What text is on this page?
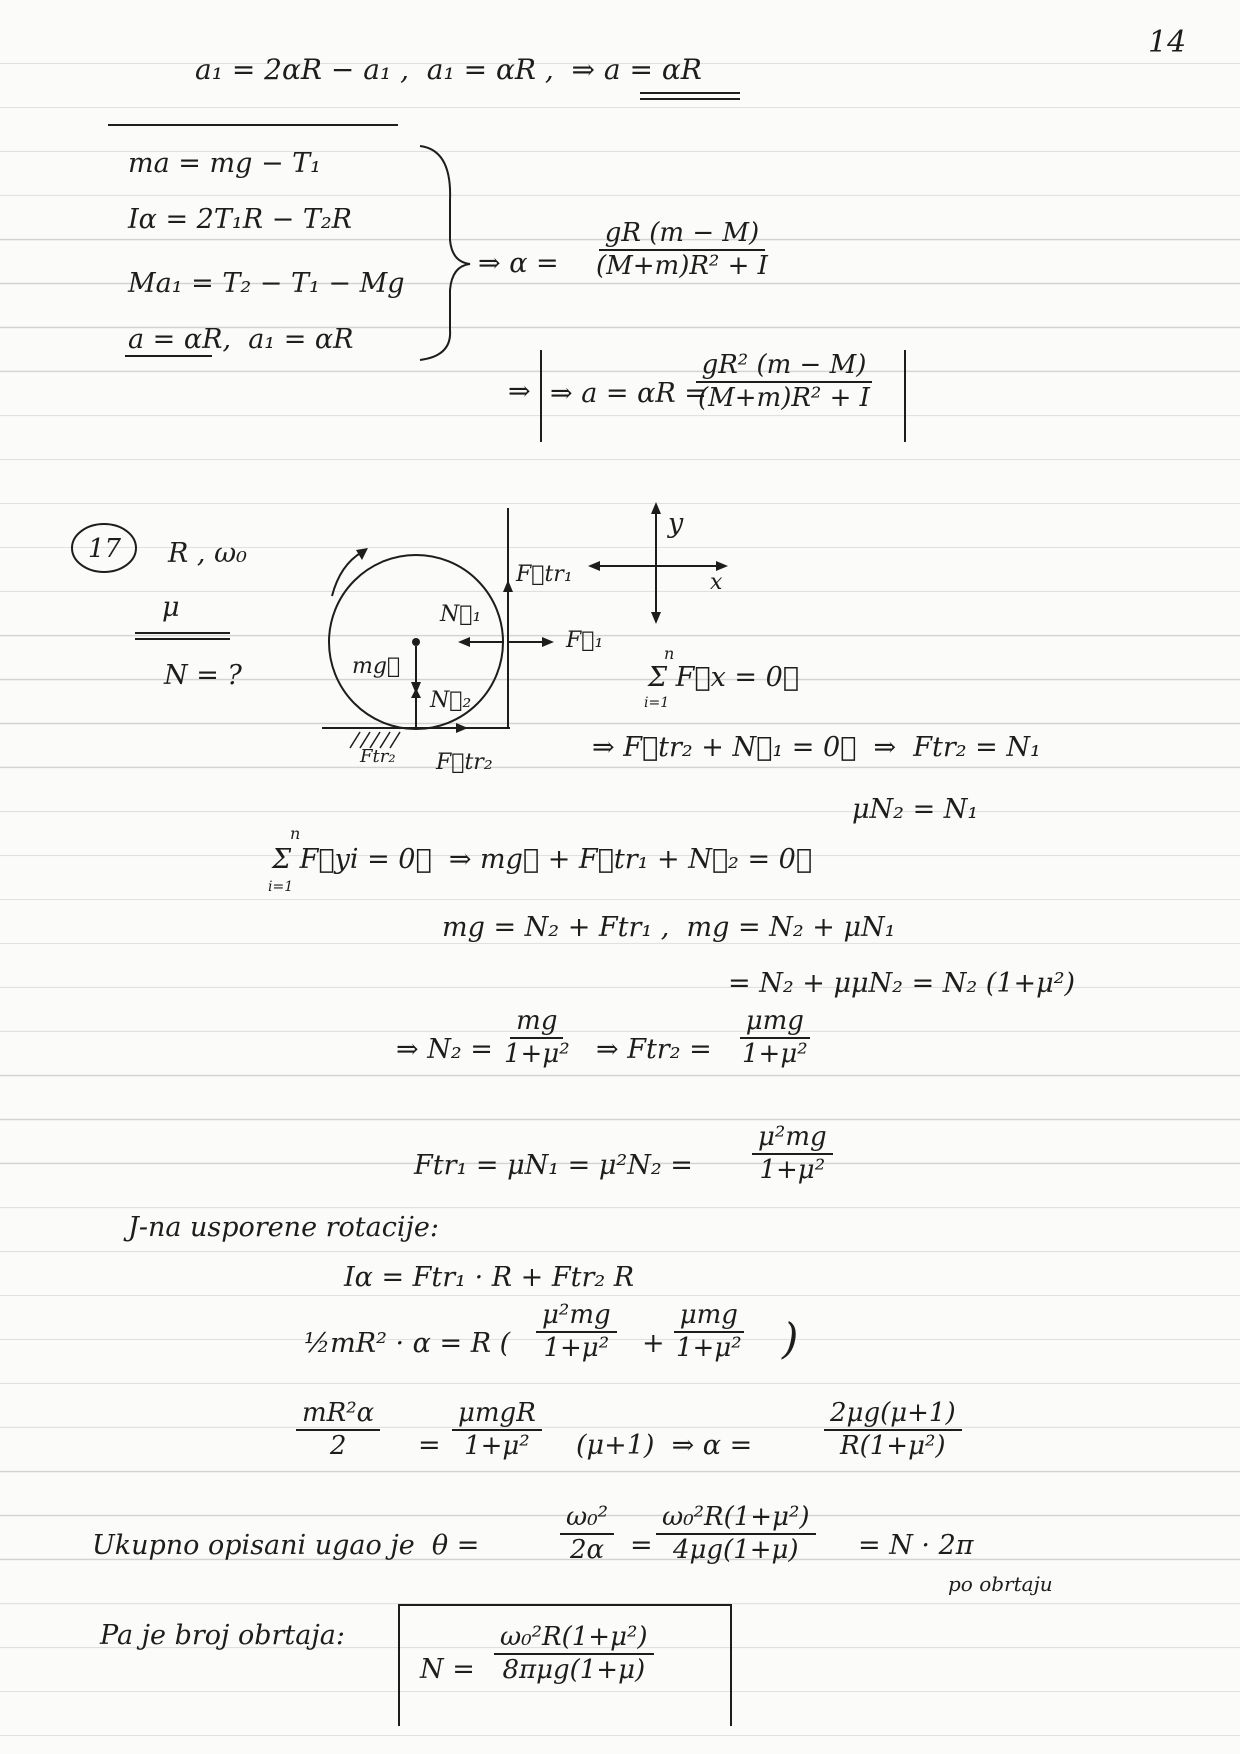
14
a₁ = 2αR − a₁ ,  a₁ = αR ,  ⇒ a = αR
ma = mg − T₁
Iα = 2T₁R − T₂R
Ma₁ = T₂ − T₁ − Mg
a = αR,  a₁ = αR
⇒ $\alpha = \frac{gR (m - M)}{\text{(M+m)R² + I}}$
⇒ ⇒ a = αR =
$\frac{\text{gR² (m − M)}}{\text{(M+m)R² + I}}$
17 R , ω₀
μ
N = ?
F⃗tr₁
N⃗₁
F⃗₁
mg⃗
N⃗₂
F⃗tr₂
Ftr₂
y
x
n
Σ F⃗x = 0⃗
i=1
⇒ F⃗tr₂ + N⃗₁ = 0⃗  ⇒  Ftr₂ = N₁
μN₂ = N₁
n
Σ F⃗yi = 0⃗  ⇒ mg⃗ + F⃗tr₁ + N⃗₂ = 0⃗
i=1
mg = N₂ + Ftr₁ ,  mg = N₂ + μN₁
= N₂ + μμN₂ = N₂ (1+μ²)
⇒ $N_2 = \frac{mg}{\text{1+μ²}}$ ⇒ Ftr₂ =
μmg
1+μ²
$Ftr_1 = \mu N_1 = \mu^2N_2 = \frac{\text{μ²mg}}{\text{1+μ²}}$
J-na usporene rotacije:
Iα = Ftr₁ · R + Ftr₂ R
½mR² · α = R ( $\frac{\text{μ²mg}}{\text{1+μ²}}$ +
μmg
1+μ² )
$\frac{\text{mR²α}}{2}$ =
μmgR
1+μ² (μ+1)  ⇒ α =	$\frac{2\mu g(\mu+1)}{\text{R(1+μ²)}}$
Ukupno opisani ugao je  θ =	$\frac{\text{ω₀²}}{2\alpha} = \frac{\text{ω₀²R(1+μ²)}}{4\mu g(1+\mu)} = N \cdot 2\pi$
po obrtaju
Pa je broj obrtaja:
N =
ω₀²R(1+μ²)
8πμg(1+μ)
